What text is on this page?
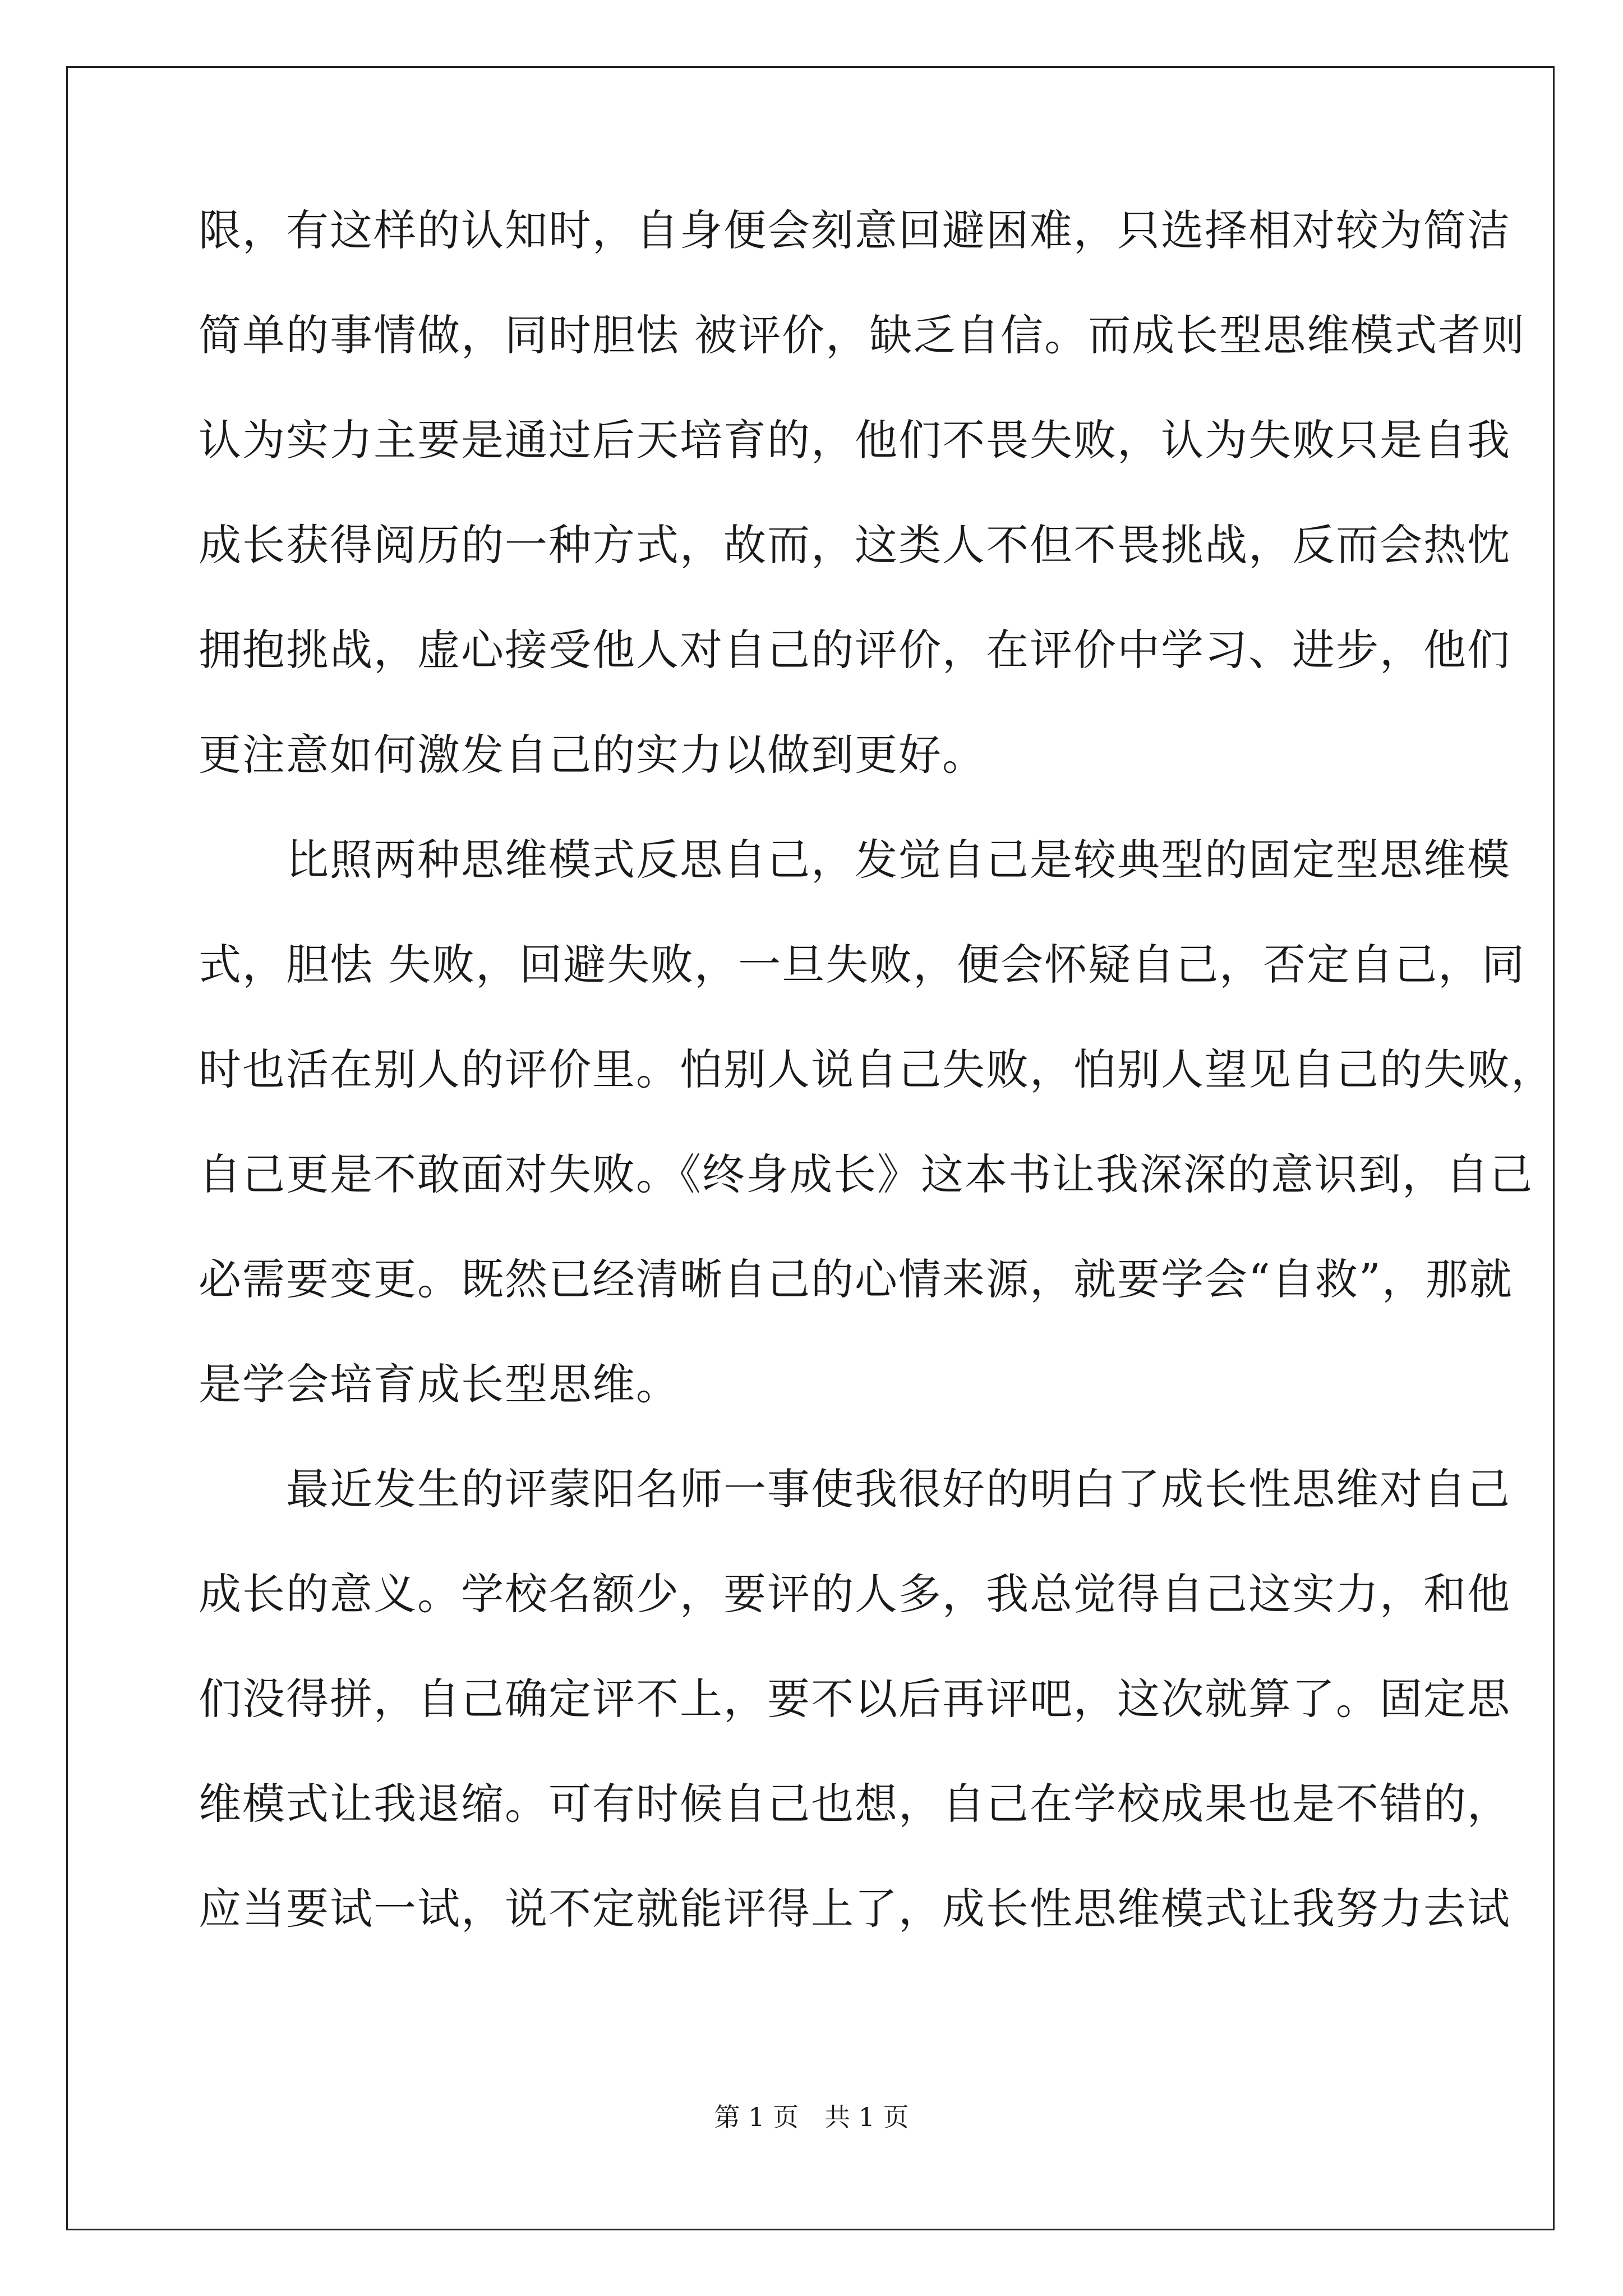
限，有这样的认知时，自身便会刻意回避困难，只选择相对较为简洁
简单的事情做，同时胆怯 被评价，缺乏自信。而成长型思维模式者则
认为实力主要是通过后天培育的，他们不畏失败，认为失败只是自我
成长获得阅历的一种方式，故而，这类人不但不畏挑战，反而会热忱
拥抱挑战，虚心接受他人对自己的评价，在评价中学习、进步，他们
更注意如何激发自己的实力以做到更好。
　　比照两种思维模式反思自己，发觉自己是较典型的固定型思维模
式，胆怯 失败，回避失败，一旦失败，便会怀疑自己，否定自己，同
时也活在别人的评价里。怕别人说自己失败，怕别人望见自己的失败，
自己更是不敢面对失败。《终身成长》这本书让我深深的意识到，自己
必需要变更。既然已经清晰自己的心情来源，就要学会“自救”，那就
是学会培育成长型思维。
　　最近发生的评蒙阳名师一事使我很好的明白了成长性思维对自己
成长的意义。学校名额少，要评的人多，我总觉得自己这实力，和他
们没得拼，自己确定评不上，要不以后再评吧，这次就算了。固定思
维模式让我退缩。可有时候自己也想，自己在学校成果也是不错的，
应当要试一试，说不定就能评得上了，成长性思维模式让我努力去试
第 1 页 共 1 页
